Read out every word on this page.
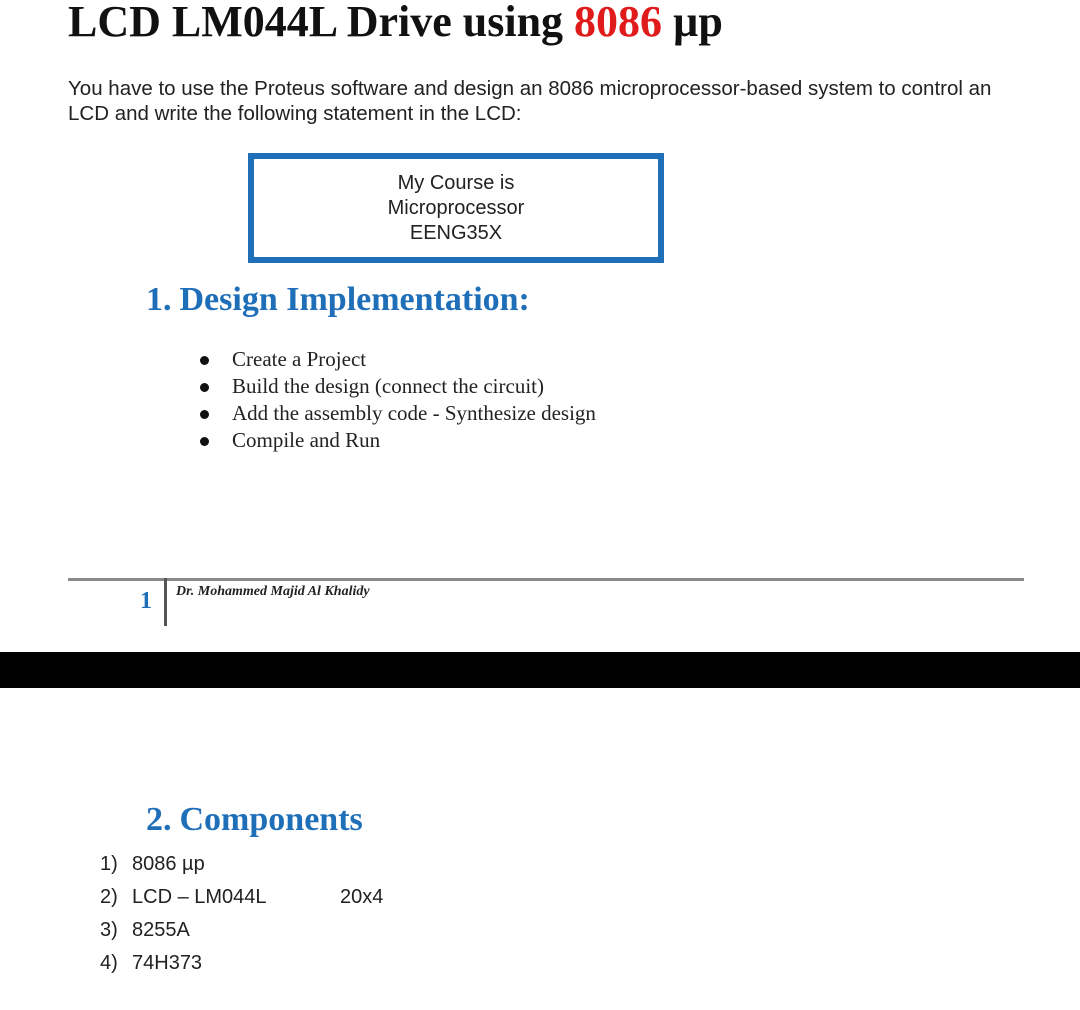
LCD LM044L Drive using 8086 µp

You have to use the Proteus software and design an 8086 microprocessor-based system to control an LCD and write the following statement in the LCD:

My Course is
Microprocessor
EENG35X
1. Design Implementation:
Create a Project
Build the design (connect the circuit)
Add the assembly code - Synthesize design
Compile and Run
1 Dr. Mohammed Majid Al Khalidy
2. Components
1) 8086 µp
2) LCD – LM044L	20x4
3) 8255A
4) 74H373
